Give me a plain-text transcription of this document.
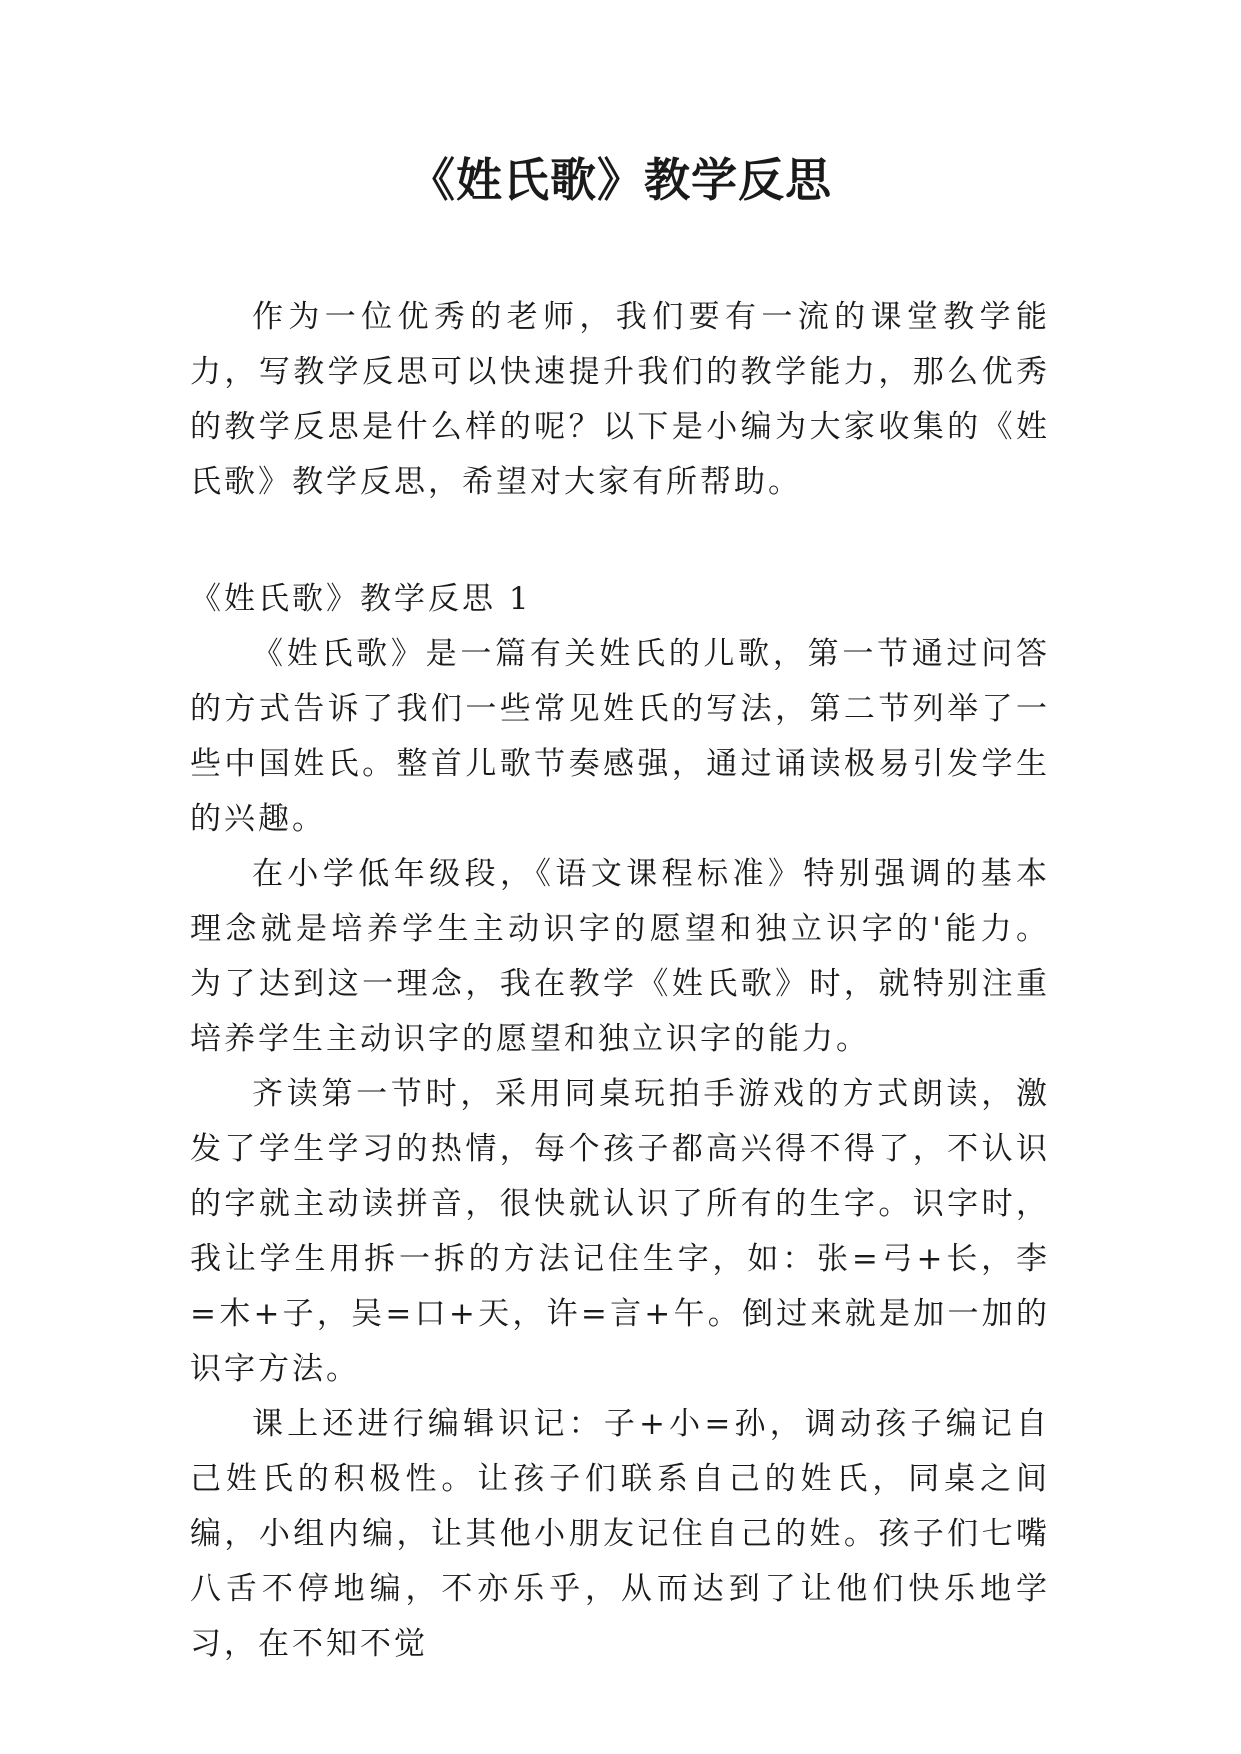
《姓氏歌》教学反思

作为一位优秀的老师，我们要有一流的课堂教学能力，写教学反思可以快速提升我们的教学能力，那么优秀的教学反思是什么样的呢？以下是小编为大家收集的《姓氏歌》教学反思，希望对大家有所帮助。

《姓氏歌》教学反思 1

《姓氏歌》是一篇有关姓氏的儿歌，第一节通过问答的方式告诉了我们一些常见姓氏的写法，第二节列举了一些中国姓氏。整首儿歌节奏感强，通过诵读极易引发学生的兴趣。

在小学低年级段，《语文课程标准》特别强调的基本理念就是培养学生主动识字的愿望和独立识字的'能力。为了达到这一理念，我在教学《姓氏歌》时，就特别注重培养学生主动识字的愿望和独立识字的能力。

齐读第一节时，采用同桌玩拍手游戏的方式朗读，激发了学生学习的热情，每个孩子都高兴得不得了，不认识的字就主动读拼音，很快就认识了所有的生字。识字时，我让学生用拆一拆的方法记住生字，如：张=弓+长，李=木+子，吴=口+天，许=言+午。倒过来就是加一加的识字方法。

课上还进行编辑识记：子+小=孙，调动孩子编记自己姓氏的积极性。让孩子们联系自己的姓氏，同桌之间编，小组内编，让其他小朋友记住自己的姓。孩子们七嘴八舌不停地编，不亦乐乎，从而达到了让他们快乐地学习，在不知不觉
